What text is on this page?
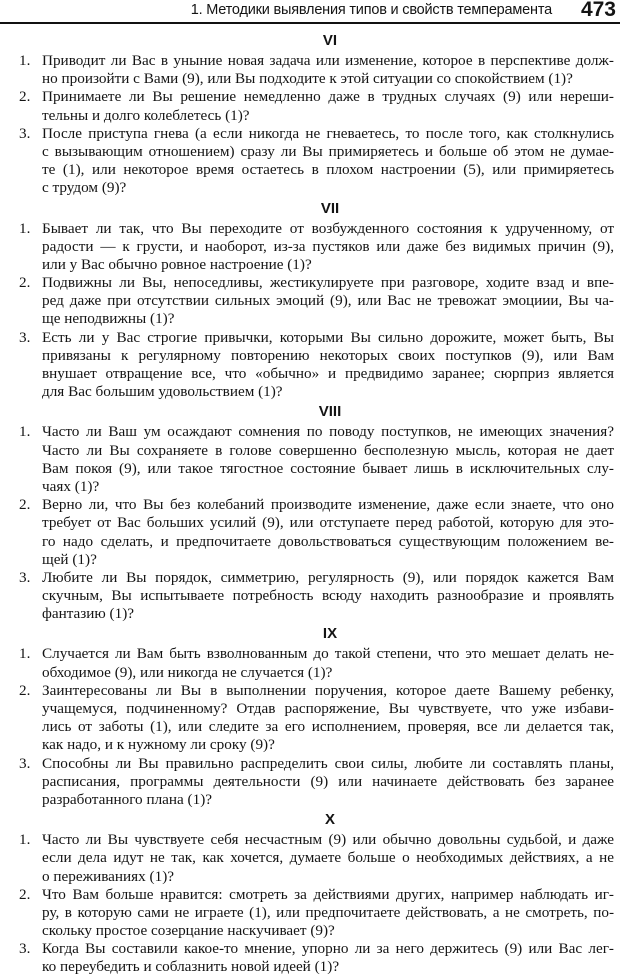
1. Методики выявления типов и свойств темперамента 473
VI
1. Приводит ли Вас в уныние новая задача или изменение, которое в перспективе долж-
но произойти с Вами (9), или Вы подходите к этой ситуации со спокойствием (1)?
2. Принимаете ли Вы решение немедленно даже в трудных случаях (9) или нереши-
тельны и долго колеблетесь (1)?
3. После приступа гнева (а если никогда не гневаетесь, то после того, как столкнулись
с вызывающим отношением) сразу ли Вы примиряетесь и больше об этом не думае-
те (1), или некоторое время остаетесь в плохом настроении (5), или примиряетесь
с трудом (9)?
VII
1. Бывает ли так, что Вы переходите от возбужденного состояния к удрученному, от
радости — к грусти, и наоборот, из-за пустяков или даже без видимых причин (9),
или у Вас обычно ровное настроение (1)?
2. Подвижны ли Вы, непоседливы, жестикулируете при разговоре, ходите взад и впе-
ред даже при отсутствии сильных эмоций (9), или Вас не тревожат эмоциии, Вы ча-
ще неподвижны (1)?
3. Есть ли у Вас строгие привычки, которыми Вы сильно дорожите, может быть, Вы
привязаны к регулярному повторению некоторых своих поступков (9), или Вам
внушает отвращение все, что «обычно» и предвидимо заранее; сюрприз является
для Вас большим удовольствием (1)?
VIII
1. Часто ли Ваш ум осаждают сомнения по поводу поступков, не имеющих значения?
Часто ли Вы сохраняете в голове совершенно бесполезную мысль, которая не дает
Вам покоя (9), или такое тягостное состояние бывает лишь в исключительных слу-
чаях (1)?
2. Верно ли, что Вы без колебаний производите изменение, даже если знаете, что оно
требует от Вас больших усилий (9), или отступаете перед работой, которую для это-
го надо сделать, и предпочитаете довольствоваться существующим положением ве-
щей (1)?
3. Любите ли Вы порядок, симметрию, регулярность (9), или порядок кажется Вам
скучным, Вы испытываете потребность всюду находить разнообразие и проявлять
фантазию (1)?
IX
1. Случается ли Вам быть взволнованным до такой степени, что это мешает делать не-
обходимое (9), или никогда не случается (1)?
2. Заинтересованы ли Вы в выполнении поручения, которое даете Вашему ребенку,
учащемуся, подчиненному? Отдав распоряжение, Вы чувствуете, что уже избави-
лись от заботы (1), или следите за его исполнением, проверяя, все ли делается так,
как надо, и к нужному ли сроку (9)?
3. Способны ли Вы правильно распределить свои силы, любите ли составлять планы,
расписания, программы деятельности (9) или начинаете действовать без заранее
разработанного плана (1)?
X
1. Часто ли Вы чувствуете себя несчастным (9) или обычно довольны судьбой, и даже
если дела идут не так, как хочется, думаете больше о необходимых действиях, а не
о переживаниях (1)?
2. Что Вам больше нравится: смотреть за действиями других, например наблюдать иг-
ру, в которую сами не играете (1), или предпочитаете действовать, а не смотреть, по-
скольку простое созерцание наскучивает (9)?
3. Когда Вы составили какое-то мнение, упорно ли за него держитесь (9) или Вас лег-
ко переубедить и соблазнить новой идеей (1)?
